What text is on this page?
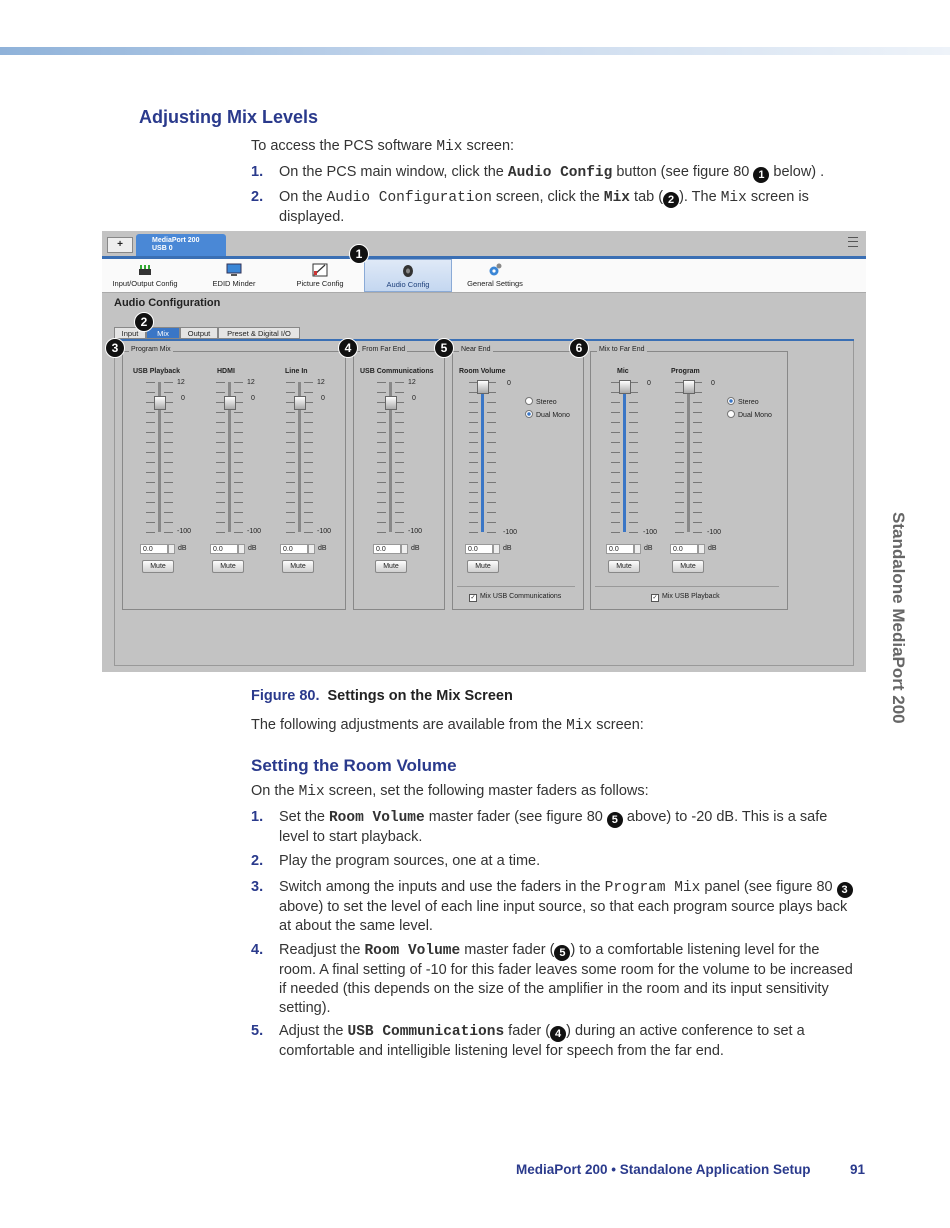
Adjusting Mix Levels
To access the PCS software Mix screen:
1. On the PCS main window, click the Audio Config button (see figure 80 1 below) .
2. On the Audio Configuration screen, click the Mix tab ( 2 ). The Mix screen is displayed.
+	MediaPort 200
USB 0
Input/Output Config	EDID Minder	Picture Config	Audio Config	General Settings
Audio Configuration
Input	Mix	Output	Preset & Digital I/O
Program Mix
USB Playback
12
0
-100
0.0	dB
Mute
HDMI
12
0
-100
0.0	dB
Mute
Line In
12
0
-100
0.0	dB
Mute
From Far End
USB Communications
12
0
-100
0.0	dB
Mute
Near End
Room Volume
0
-100
0.0	dB
Mute
Stereo
Dual Mono
✓ Mix USB Communications
Mix to Far End
Mic
0
-100
0.0	dB
Mute
Program
0
-100
0.0	dB
Mute
Stereo
Dual Mono
✓ Mix USB Playback
1
2
3	4	5	6
Figure 80. Settings on the Mix Screen
The following adjustments are available from the Mix screen:
Setting the Room Volume
On the Mix screen, set the following master faders as follows:
1. Set the Room Volume master fader (see figure 80 5 above) to -20 dB. This is a safe level to start playback.
2. Play the program sources, one at a time.
3. Switch among the inputs and use the faders in the Program Mix panel (see figure 80 3 above) to set the level of each line input source, so that each program source plays back at about the same level.
4. Readjust the Room Volume master fader ( 5 ) to a comfortable listening level for the room. A final setting of -10 for this fader leaves some room for the volume to be increased if needed (this depends on the size of the amplifier in the room and its input sensitivity setting).
5. Adjust the USB Communications fader ( 4 ) during an active conference to set a comfortable and intelligible listening level for speech from the far end.
Standalone MediaPort 200
MediaPort 200 • Standalone Application Setup	91
